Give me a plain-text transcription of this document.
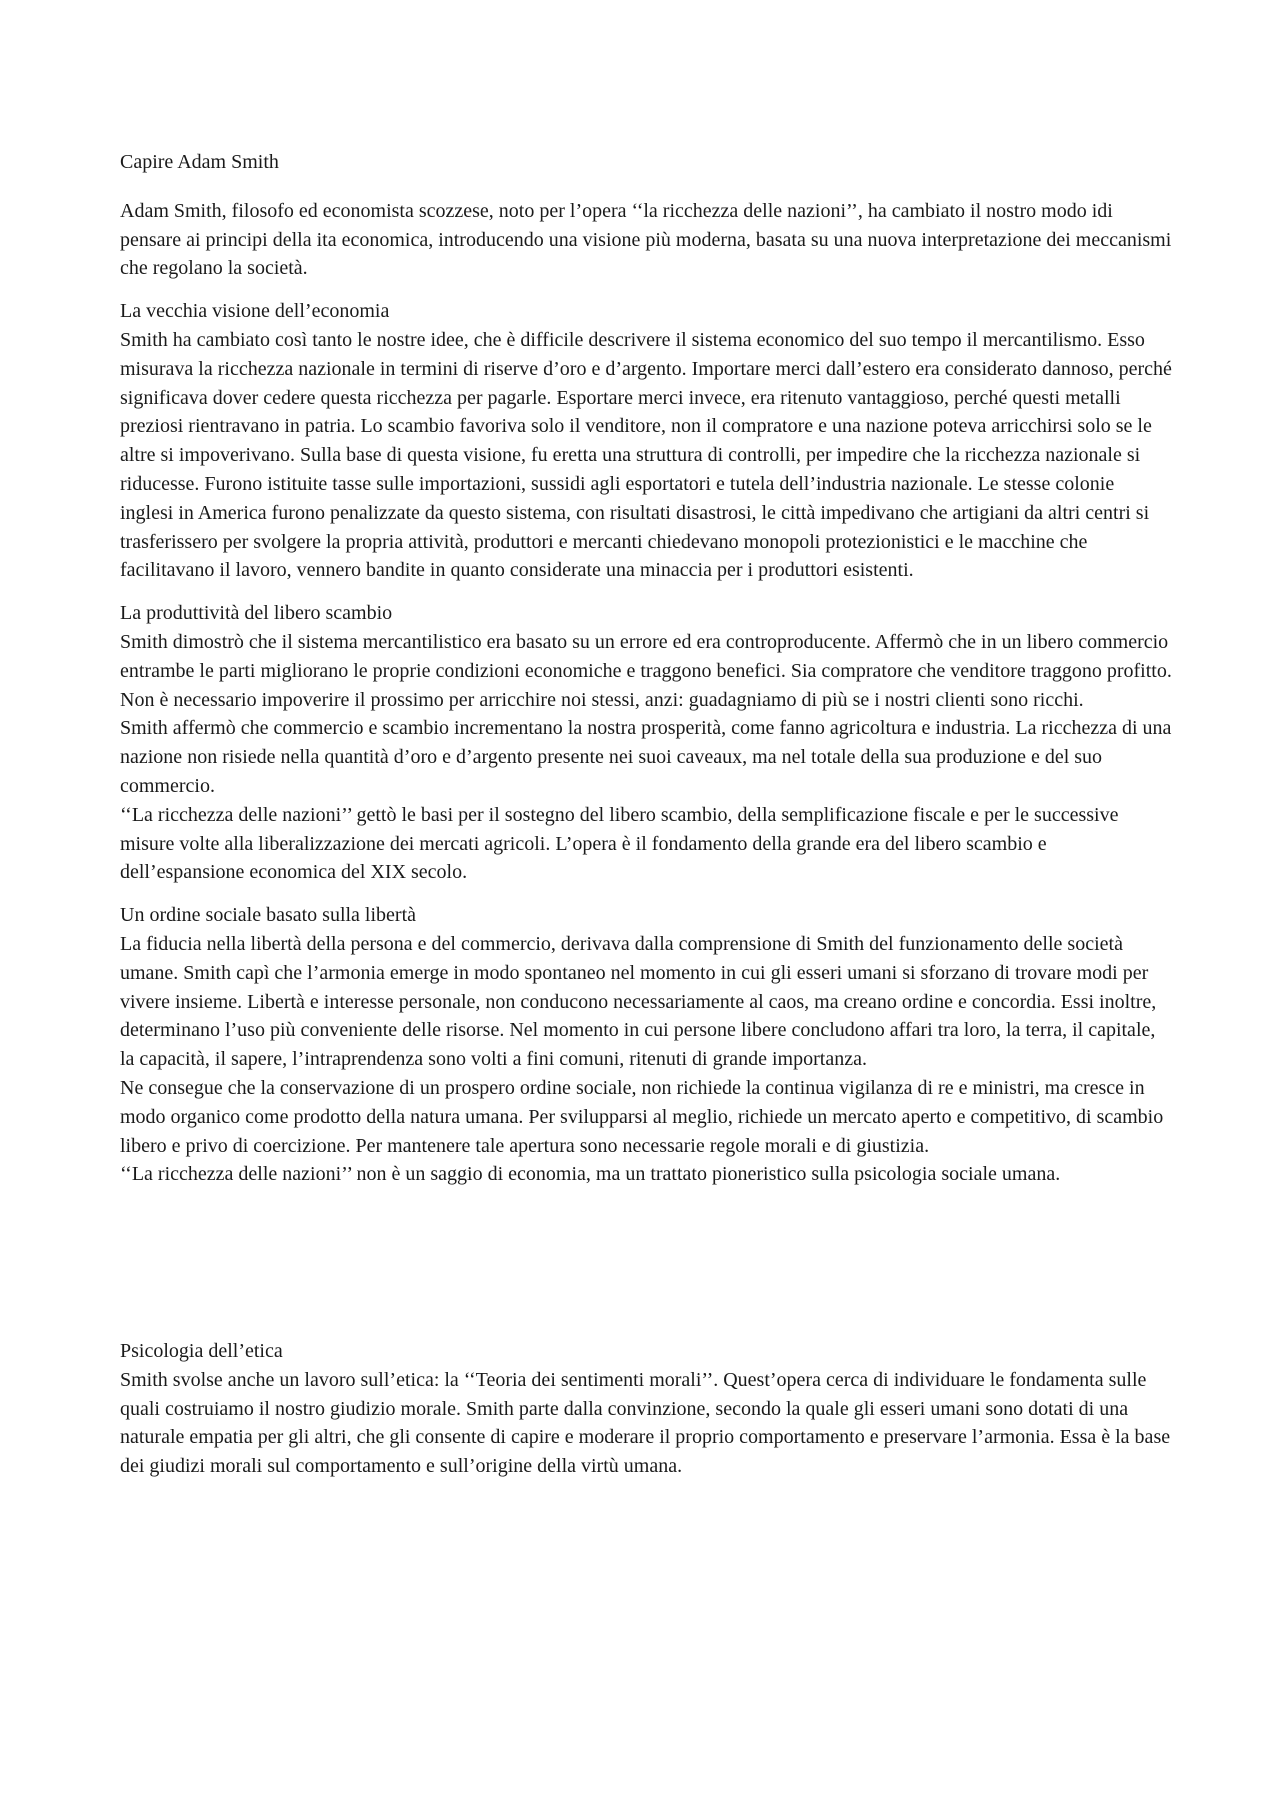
Capire Adam Smith

Adam Smith, filosofo ed economista scozzese, noto per l’opera ‘‘la ricchezza delle nazioni’’, ha cambiato il nostro modo idi pensare ai principi della ita economica, introducendo una visione più moderna, basata su una nuova interpretazione dei meccanismi che regolano la società.

La vecchia visione dell’economia

Smith ha cambiato così tanto le nostre idee, che è difficile descrivere il sistema economico del suo tempo il mercantilismo. Esso misurava la ricchezza nazionale in termini di riserve d’oro e d’argento. Importare merci dall’estero era considerato dannoso, perché significava dover cedere questa ricchezza per pagarle. Esportare merci invece, era ritenuto vantaggioso, perché questi metalli preziosi rientravano in patria. Lo scambio favoriva solo il venditore, non il compratore e una nazione poteva arricchirsi solo se le altre si impoverivano. Sulla base di questa visione, fu eretta una struttura di controlli, per impedire che la ricchezza nazionale si riducesse. Furono istituite tasse sulle importazioni, sussidi agli esportatori e tutela dell’industria nazionale. Le stesse colonie inglesi in America furono penalizzate da questo sistema, con risultati disastrosi, le città impedivano che artigiani da altri centri si trasferissero per svolgere la propria attività, produttori e mercanti chiedevano monopoli protezionistici e le macchine che facilitavano il lavoro, vennero bandite in quanto considerate una minaccia per i produttori esistenti.

La produttività del libero scambio

Smith dimostrò che il sistema mercantilistico era basato su un errore ed era controproducente. Affermò che in un libero commercio entrambe le parti migliorano le proprie condizioni economiche e traggono benefici. Sia compratore che venditore traggono profitto. Non è necessario impoverire il prossimo per arricchire noi stessi, anzi: guadagniamo di più se i nostri clienti sono ricchi.

Smith affermò che commercio e scambio incrementano la nostra prosperità, come fanno agricoltura e industria. La ricchezza di una nazione non risiede nella quantità d’oro e d’argento presente nei suoi caveaux, ma nel totale della sua produzione e del suo commercio.

‘‘La ricchezza delle nazioni’’ gettò le basi per il sostegno del libero scambio, della semplificazione fiscale e per le successive misure volte alla liberalizzazione dei mercati agricoli. L’opera è il fondamento della grande era del libero scambio e dell’espansione economica del XIX secolo.

Un ordine sociale basato sulla libertà

La fiducia nella libertà della persona e del commercio, derivava dalla comprensione di Smith del funzionamento delle società umane. Smith capì che l’armonia emerge in modo spontaneo nel momento in cui gli esseri umani si sforzano di trovare modi per vivere insieme. Libertà e interesse personale, non conducono necessariamente al caos, ma creano ordine e concordia. Essi inoltre, determinano l’uso più conveniente delle risorse. Nel momento in cui persone libere concludono affari tra loro, la terra, il capitale, la capacità, il sapere, l’intraprendenza sono volti a fini comuni, ritenuti di grande importanza.

Ne consegue che la conservazione di un prospero ordine sociale, non richiede la continua vigilanza di re e ministri, ma cresce in modo organico come prodotto della natura umana. Per svilupparsi al meglio, richiede un mercato aperto e competitivo, di scambio libero e privo di coercizione. Per mantenere tale apertura sono necessarie regole morali e di giustizia.

‘‘La ricchezza delle nazioni’’ non è un saggio di economia, ma un trattato pioneristico sulla psicologia sociale umana.

Psicologia dell’etica

Smith svolse anche un lavoro sull’etica: la ‘‘Teoria dei sentimenti morali’’. Quest’opera cerca di individuare le fondamenta sulle quali costruiamo il nostro giudizio morale. Smith parte dalla convinzione, secondo la quale gli esseri umani sono dotati di una naturale empatia per gli altri, che gli consente di capire e moderare il proprio comportamento e preservare l’armonia. Essa è la base dei giudizi morali sul comportamento e sull’origine della virtù umana.
